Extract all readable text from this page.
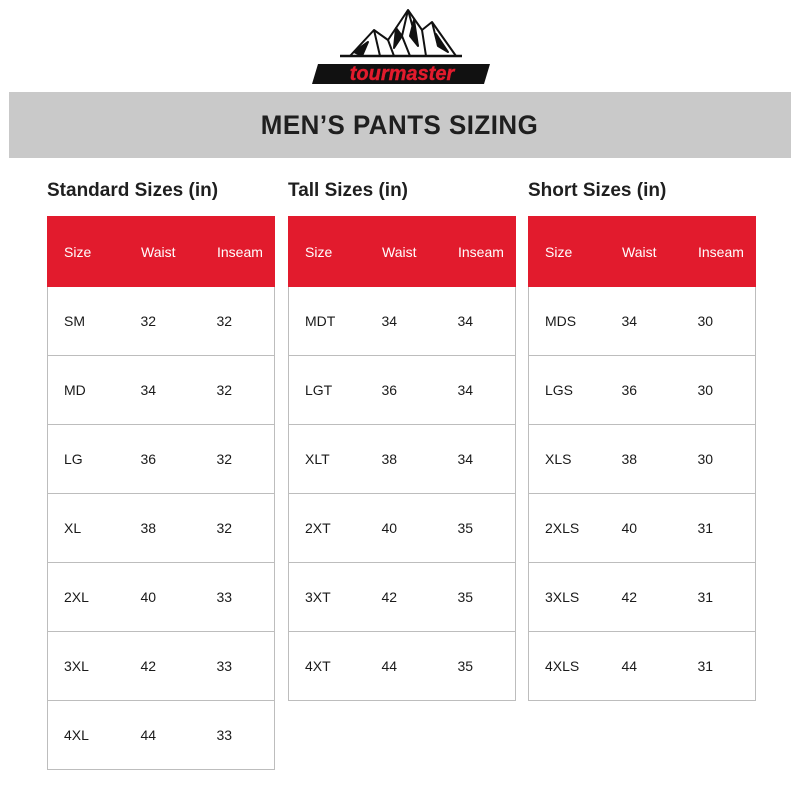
tourmaster
MEN’S PANTS SIZING
Standard Sizes (in)
Size	Waist	Inseam
SM	32	32
MD	34	32
LG	36	32
XL	38	32
2XL	40	33
3XL	42	33
4XL	44	33
Tall Sizes (in)
Size	Waist	Inseam
MDT	34	34
LGT	36	34
XLT	38	34
2XT	40	35
3XT	42	35
4XT	44	35
Short Sizes (in)
Size	Waist	Inseam
MDS	34	30
LGS	36	30
XLS	38	30
2XLS	40	31
3XLS	42	31
4XLS	44	31
